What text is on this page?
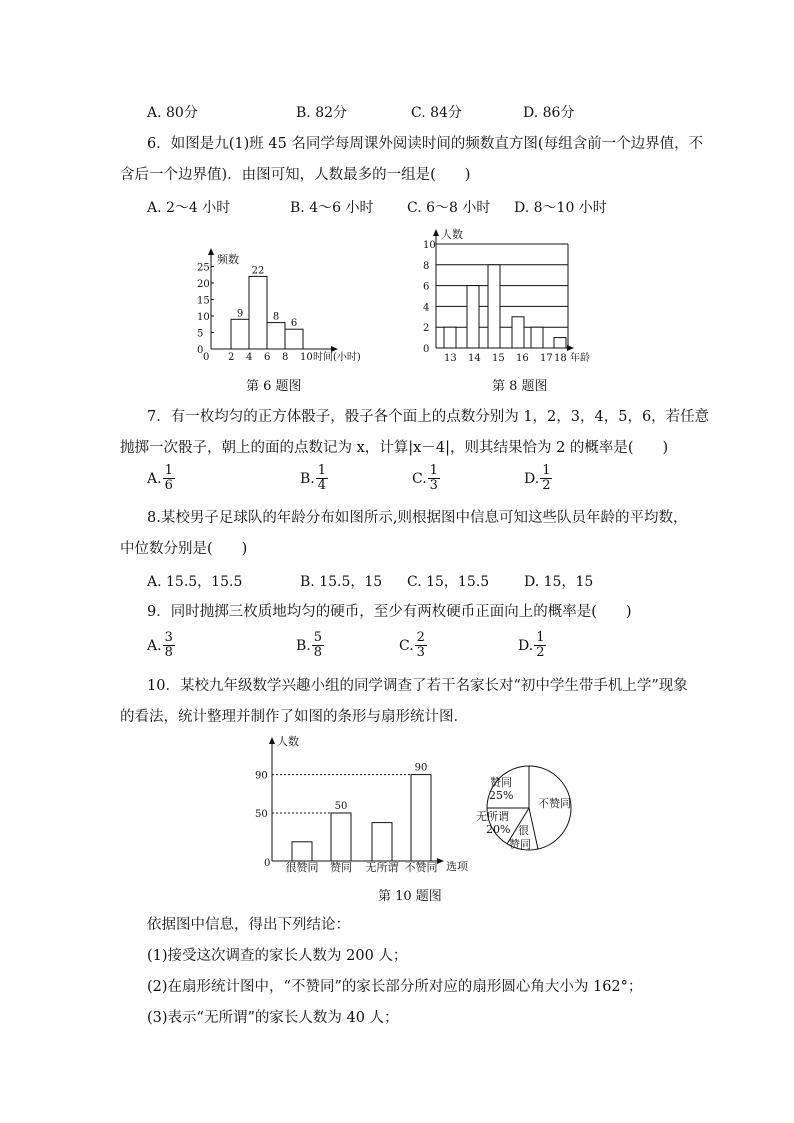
A. 80分	B. 82分	C. 84分	D. 86分
6．如图是九(1)班 45 名同学每周课外阅读时间的频数直方图(每组含前一个边界值，不
含后一个边界值)．由图可知，人数最多的一组是(　　)
A. 2～4 小时	B. 4～6 小时 C. 6～8 小时 D. 8～10 小时
频数
时间(小时)
0
5
10
15
20
25
2 4 6 8 10
0
9
22
8
6
第 6 题图
人数
年龄
0
2
4
6
8
10
13 14 15 16 17 18
第 8 题图
7．有一枚均匀的正方体骰子，骰子各个面上的点数分别为 1，2，3，4，5，6，若任意
抛掷一次骰子，朝上的面的点数记为 x，计算|x－4|，则其结果恰为 2 的概率是(　　)
A. $\frac{1}{6}$	B. $\frac{1}{4}$	C. $\frac{1}{3}$	D. $\frac{1}{2}$
8.某校男子足球队的年龄分布如图所示,则根据图中信息可知这些队员年龄的平均数，
中位数分别是(　　)
A. 15.5，15.5	B. 15.5，15 C. 15，15.5 D. 15，15
9．同时抛掷三枚质地均匀的硬币，至少有两枚硬币正面向上的概率是(　　)
A. $\frac{3}{8}$	B. $\frac{5}{8}$	C. $\frac{2}{3}$	D. $\frac{1}{2}$
10．某校九年级数学兴趣小组的同学调查了若干名家长对“初中学生带手机上学”现象
的看法，统计整理并制作了如图的条形与扇形统计图．
人数
选项
0
50
90
50
90
很赞同 赞同 无所谓 不赞同
赞同
25%
不赞同
无所谓
20% 很
赞同
第 10 题图
依据图中信息，得出下列结论：
(1)接受这次调查的家长人数为 200 人；
(2)在扇形统计图中，“不赞同”的家长部分所对应的扇形圆心角大小为 162°；
(3)表示“无所谓”的家长人数为 40 人；
